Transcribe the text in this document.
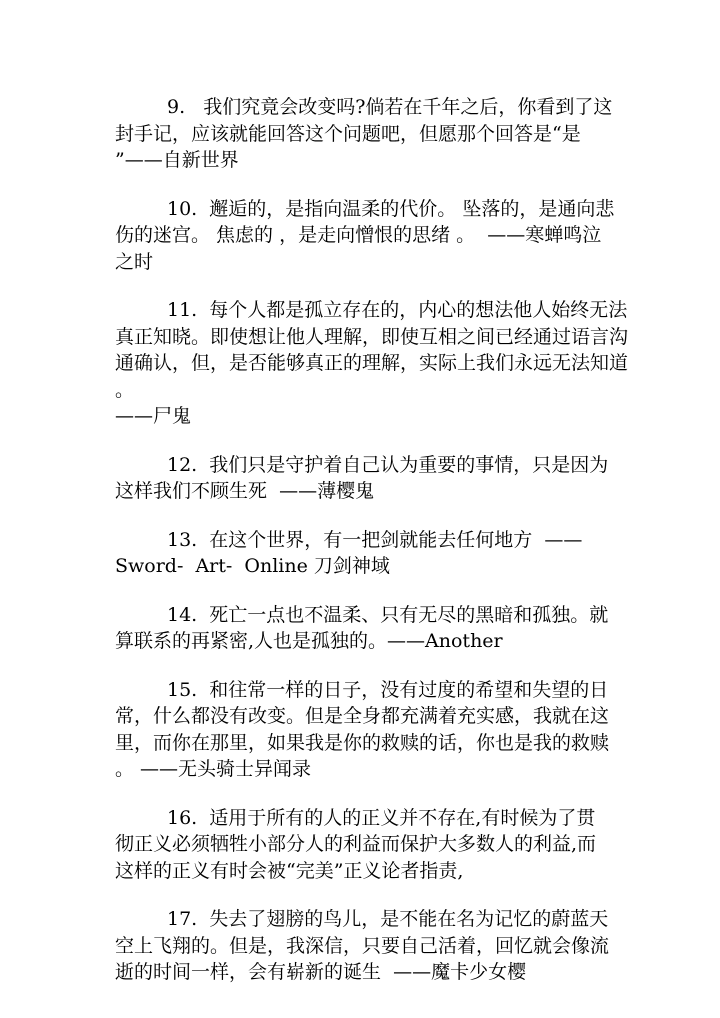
9.   我们究竟会改变吗?倘若在千年之后，你看到了这
封手记，应该就能回答这个问题吧，但愿那个回答是“是
”——自新世界
10.  邂逅的，是指向温柔的代价。 坠落的，是通向悲
伤的迷宫。 焦虑的 ，是走向憎恨的思绪 。  ——寒蝉鸣泣
之时
11.  每个人都是孤立存在的，内心的想法他人始终无法
真正知晓。即使想让他人理解，即使互相之间已经通过语言沟
通确认，但，是否能够真正的理解，实际上我们永远无法知道
。
——尸鬼
12.  我们只是守护着自己认为重要的事情，只是因为
这样我们不顾生死  ——薄樱鬼
13.  在这个世界，有一把剑就能去任何地方  ——
Sword-  Art-  Online 刀剑神域
14.  死亡一点也不温柔、只有无尽的黑暗和孤独。就
算联系的再紧密,人也是孤独的。——Another
15.  和往常一样的日子，没有过度的希望和失望的日
常，什么都没有改变。但是全身都充满着充实感，我就在这
里，而你在那里，如果我是你的救赎的话，你也是我的救赎
。 ——无头骑士异闻录
16.  适用于所有的人的正义并不存在,有时候为了贯
彻正义必须牺牲小部分人的利益而保护大多数人的利益,而
这样的正义有时会被“完美”正义论者指责,
17.  失去了翅膀的鸟儿，是不能在名为记忆的蔚蓝天
空上飞翔的。但是，我深信，只要自己活着，回忆就会像流
逝的时间一样，会有崭新的诞生  ——魔卡少女樱
